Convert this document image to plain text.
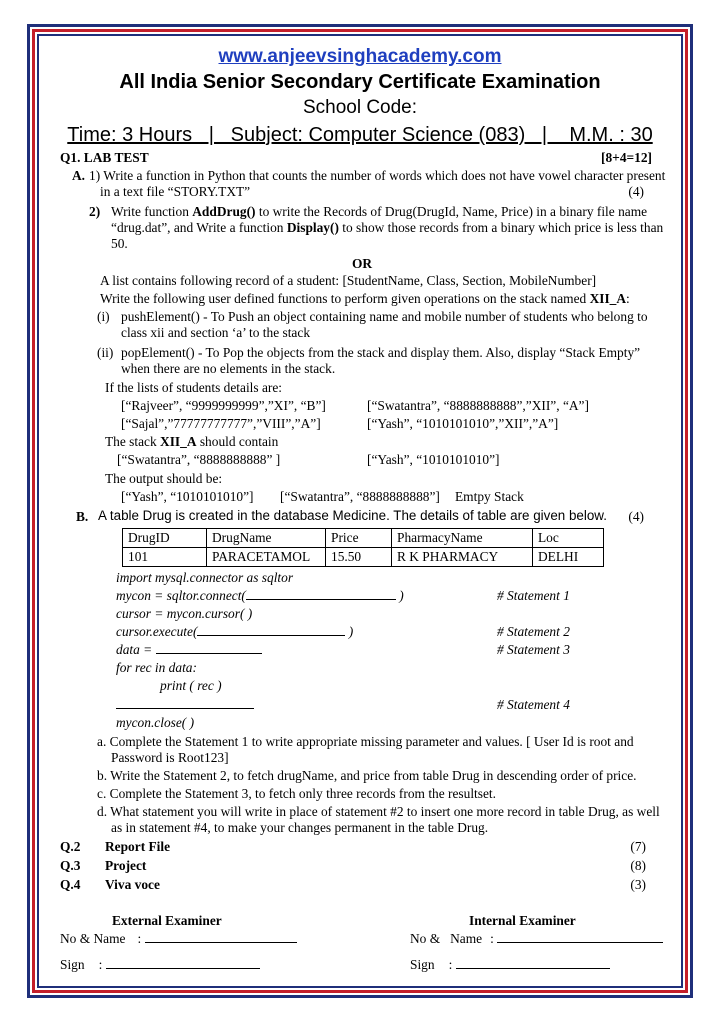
www.anjeevsinghacademy.com
All India Senior Secondary Certificate Examination
School Code:
Time: 3 Hours   |   Subject: Computer Science (083)   |    M.M. : 30
Q1. LAB TEST	[8+4=12]
A. 1) Write a function in Python that counts the number of words which does not have vowel character present
in a text file “STORY.TXT”	(4)
2) Write function AddDrug() to write the Records of Drug(DrugId, Name, Price) in a binary file name
“drug.dat”, and Write a function Display() to show those records from a binary which price is less than
50.
OR
A list contains following record of a student: [StudentName, Class, Section, MobileNumber]
Write the following user defined functions to perform given operations on the stack named XII_A:
(i) pushElement() - To Push an object containing name and mobile number of students who belong to
class xii and section ‘a’ to the stack
(ii) popElement() - To Pop the objects from the stack and display them. Also, display “Stack Empty”
when there are no elements in the stack.
If the lists of students details are:
[“Rajveer”, “9999999999”,”XI”, “B”]	[“Swatantra”, “8888888888”,”XII”, “A”]
[“Sajal”,”77777777777”,”VIII”,”A”]	[“Yash”, “1010101010”,”XII”,”A”]
The stack XII_A should contain
[“Swatantra”, “8888888888” ]	[“Yash”, “1010101010”]
The output should be:
[“Yash”, “1010101010”] [“Swatantra”, “8888888888”] Emtpy Stack
B. A table Drug is created in the database Medicine. The details of table are given below. (4)
DrugID	DrugName	Price	PharmacyName	Loc
101	PARACETAMOL	15.50	R K PHARMACY	DELHI
import mysql.connector as sqltor
mycon = sqltor.connect(	)	# Statement 1
cursor = mycon.cursor( )
cursor.execute(	)	# Statement 2
data =	# Statement 3
for rec in data:
print ( rec )
# Statement 4
mycon.close( )
a. Complete the Statement 1 to write appropriate missing parameter and values. [ User Id is root and
Password is Root123]
b. Write the Statement 2, to fetch drugName, and price from table Drug in descending order of price.
c. Complete the Statement 3, to fetch only three records from the resultset.
d. What statement you will write in place of statement #2 to insert one more record in table Drug, as well
as in statement #4, to make your changes permanent in the table Drug.
Q.2 Report File	(7)
Q.3 Project	(8)
Q.4 Viva voce	(3)
External Examiner	Internal Examiner
No & Name :	No & Name :
Sign :	Sign :
